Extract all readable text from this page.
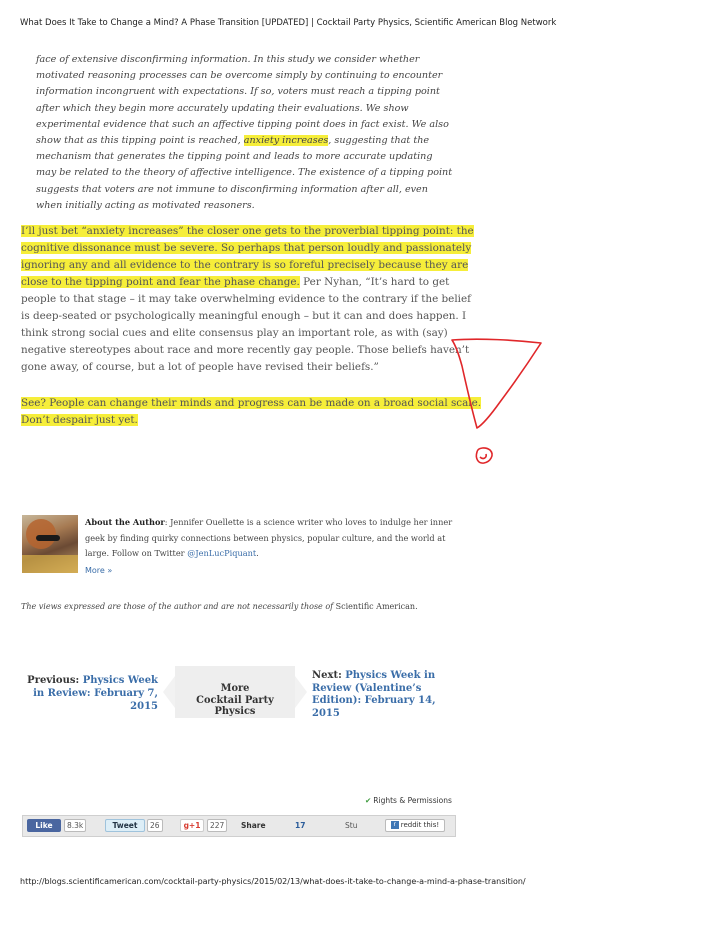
What Does It Take to Change a Mind? A Phase Transition [UPDATED] | Cocktail Party Physics, Scientific American Blog Network
face of extensive disconfirming information. In this study we consider whether
motivated reasoning processes can be overcome simply by continuing to encounter
information incongruent with expectations. If so, voters must reach a tipping point
after which they begin more accurately updating their evaluations. We show
experimental evidence that such an affective tipping point does in fact exist. We also
show that as this tipping point is reached, anxiety increases, suggesting that the
mechanism that generates the tipping point and leads to more accurate updating
may be related to the theory of affective intelligence. The existence of a tipping point
suggests that voters are not immune to disconfirming information after all, even
when initially acting as motivated reasoners.
I’ll just bet “anxiety increases” the closer one gets to the proverbial tipping point: the
cognitive dissonance must be severe. So perhaps that person loudly and passionately
ignoring any and all evidence to the contrary is so foreful precisely because they are
close to the tipping point and fear the phase change. Per Nyhan, “It’s hard to get
people to that stage – it may take overwhelming evidence to the contrary if the belief
is deep-seated or psychologically meaningful enough – but it can and does happen. I
think strong social cues and elite consensus play an important role, as with (say)
negative stereotypes about race and more recently gay people. Those beliefs haven’t
gone away, of course, but a lot of people have revised their beliefs.”
See? People can change their minds and progress can be made on a broad social scale.
Don’t despair just yet.
About the Author: Jennifer Ouellette is a science writer who loves to indulge her inner geek by finding quirky connections between physics, popular culture, and the world at large. Follow on Twitter @JenLucPiquant.
More »
The views expressed are those of the author and are not necessarily those of Scientific American.
Previous: Physics Week in Review: February 7, 2015
More
Cocktail Party Physics
Next: Physics Week in Review (Valentine’s Edition): February 14, 2015
✔ Rights & Permissions
Like	8.3k	Tweet	26	g+1	227	Share	17	Stu	r reddit this!
http://blogs.scientificamerican.com/cocktail-party-physics/2015/02/13/what-does-it-take-to-change-a-mind-a-phase-transition/
